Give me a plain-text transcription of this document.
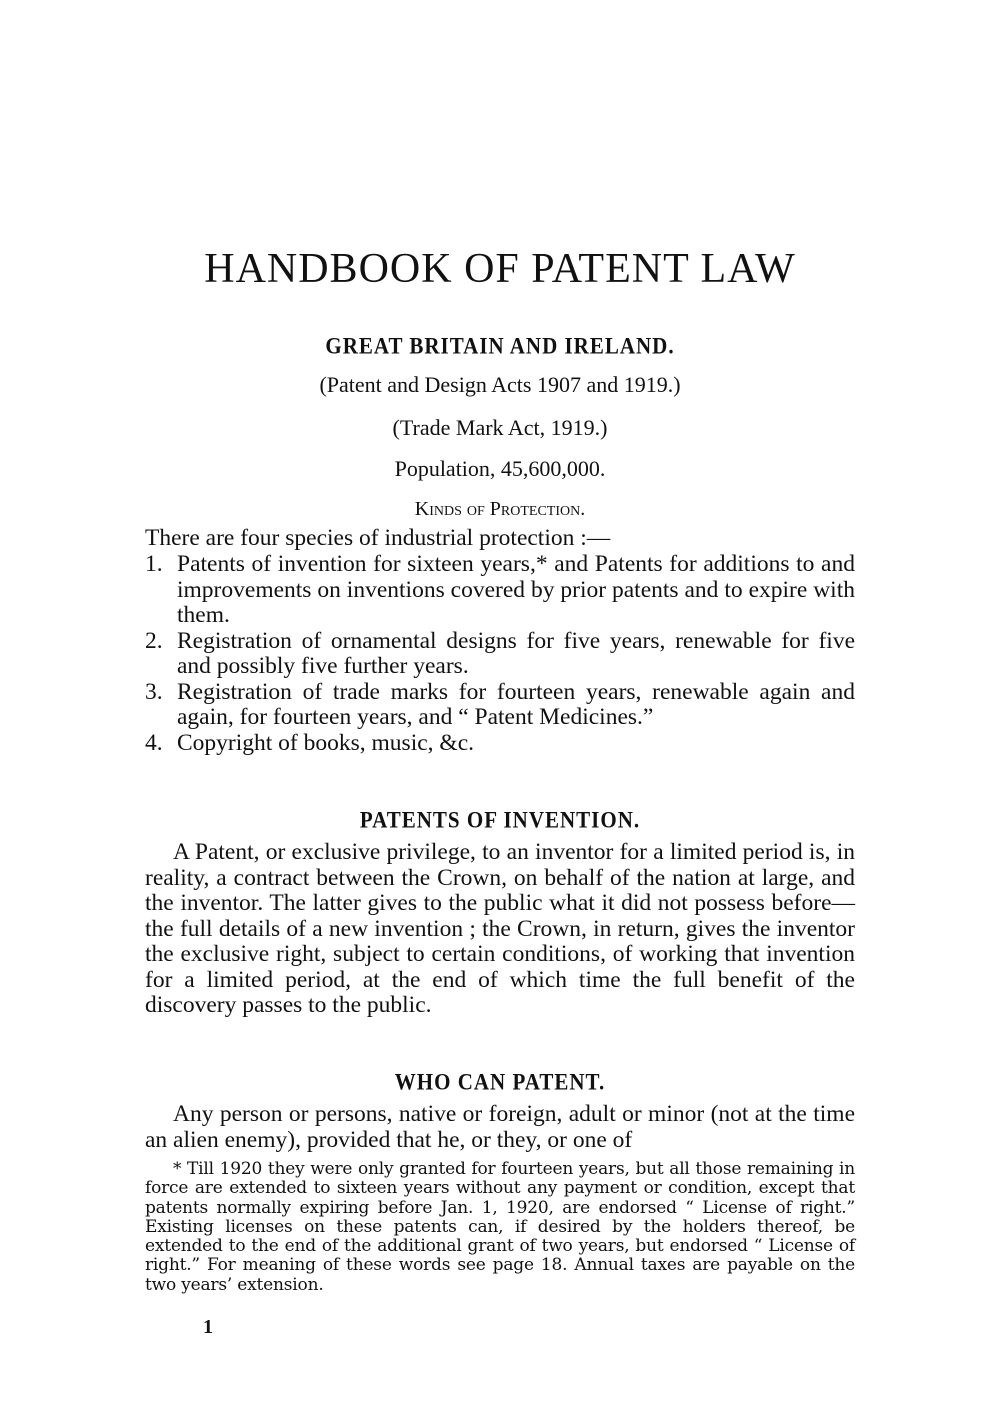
HANDBOOK OF PATENT LAW

GREAT BRITAIN AND IRELAND.

(Patent and Design Acts 1907 and 1919.)

(Trade Mark Act, 1919.)

Population, 45,600,000.

Kinds of Protection.

There are four species of industrial protection :—

1. Patents of invention for sixteen years,* and Patents for additions to and improvements on inventions covered by prior patents and to expire with them.
2. Registration of ornamental designs for five years, renewable for five and possibly five further years.
3. Registration of trade marks for fourteen years, renewable again and again, for fourteen years, and “ Patent Medicines.”
4. Copyright of books, music, &c.

PATENTS OF INVENTION.

A Patent, or exclusive privilege, to an inventor for a limited period is, in reality, a contract between the Crown, on behalf of the nation at large, and the inventor. The latter gives to the public what it did not possess before—the full details of a new invention ; the Crown, in return, gives the inventor the exclusive right, subject to certain conditions, of working that invention for a limited period, at the end of which time the full benefit of the discovery passes to the public.

WHO CAN PATENT.

Any person or persons, native or foreign, adult or minor (not at the time an alien enemy), provided that he, or they, or one of

* Till 1920 they were only granted for fourteen years, but all those remaining in force are extended to sixteen years without any payment or condition, except that patents normally expiring before Jan. 1, 1920, are endorsed “ License of right.” Existing licenses on these patents can, if desired by the holders thereof, be extended to the end of the additional grant of two years, but endorsed “ License of right.” For meaning of these words see page 18. Annual taxes are payable on the two years’ extension.

1
